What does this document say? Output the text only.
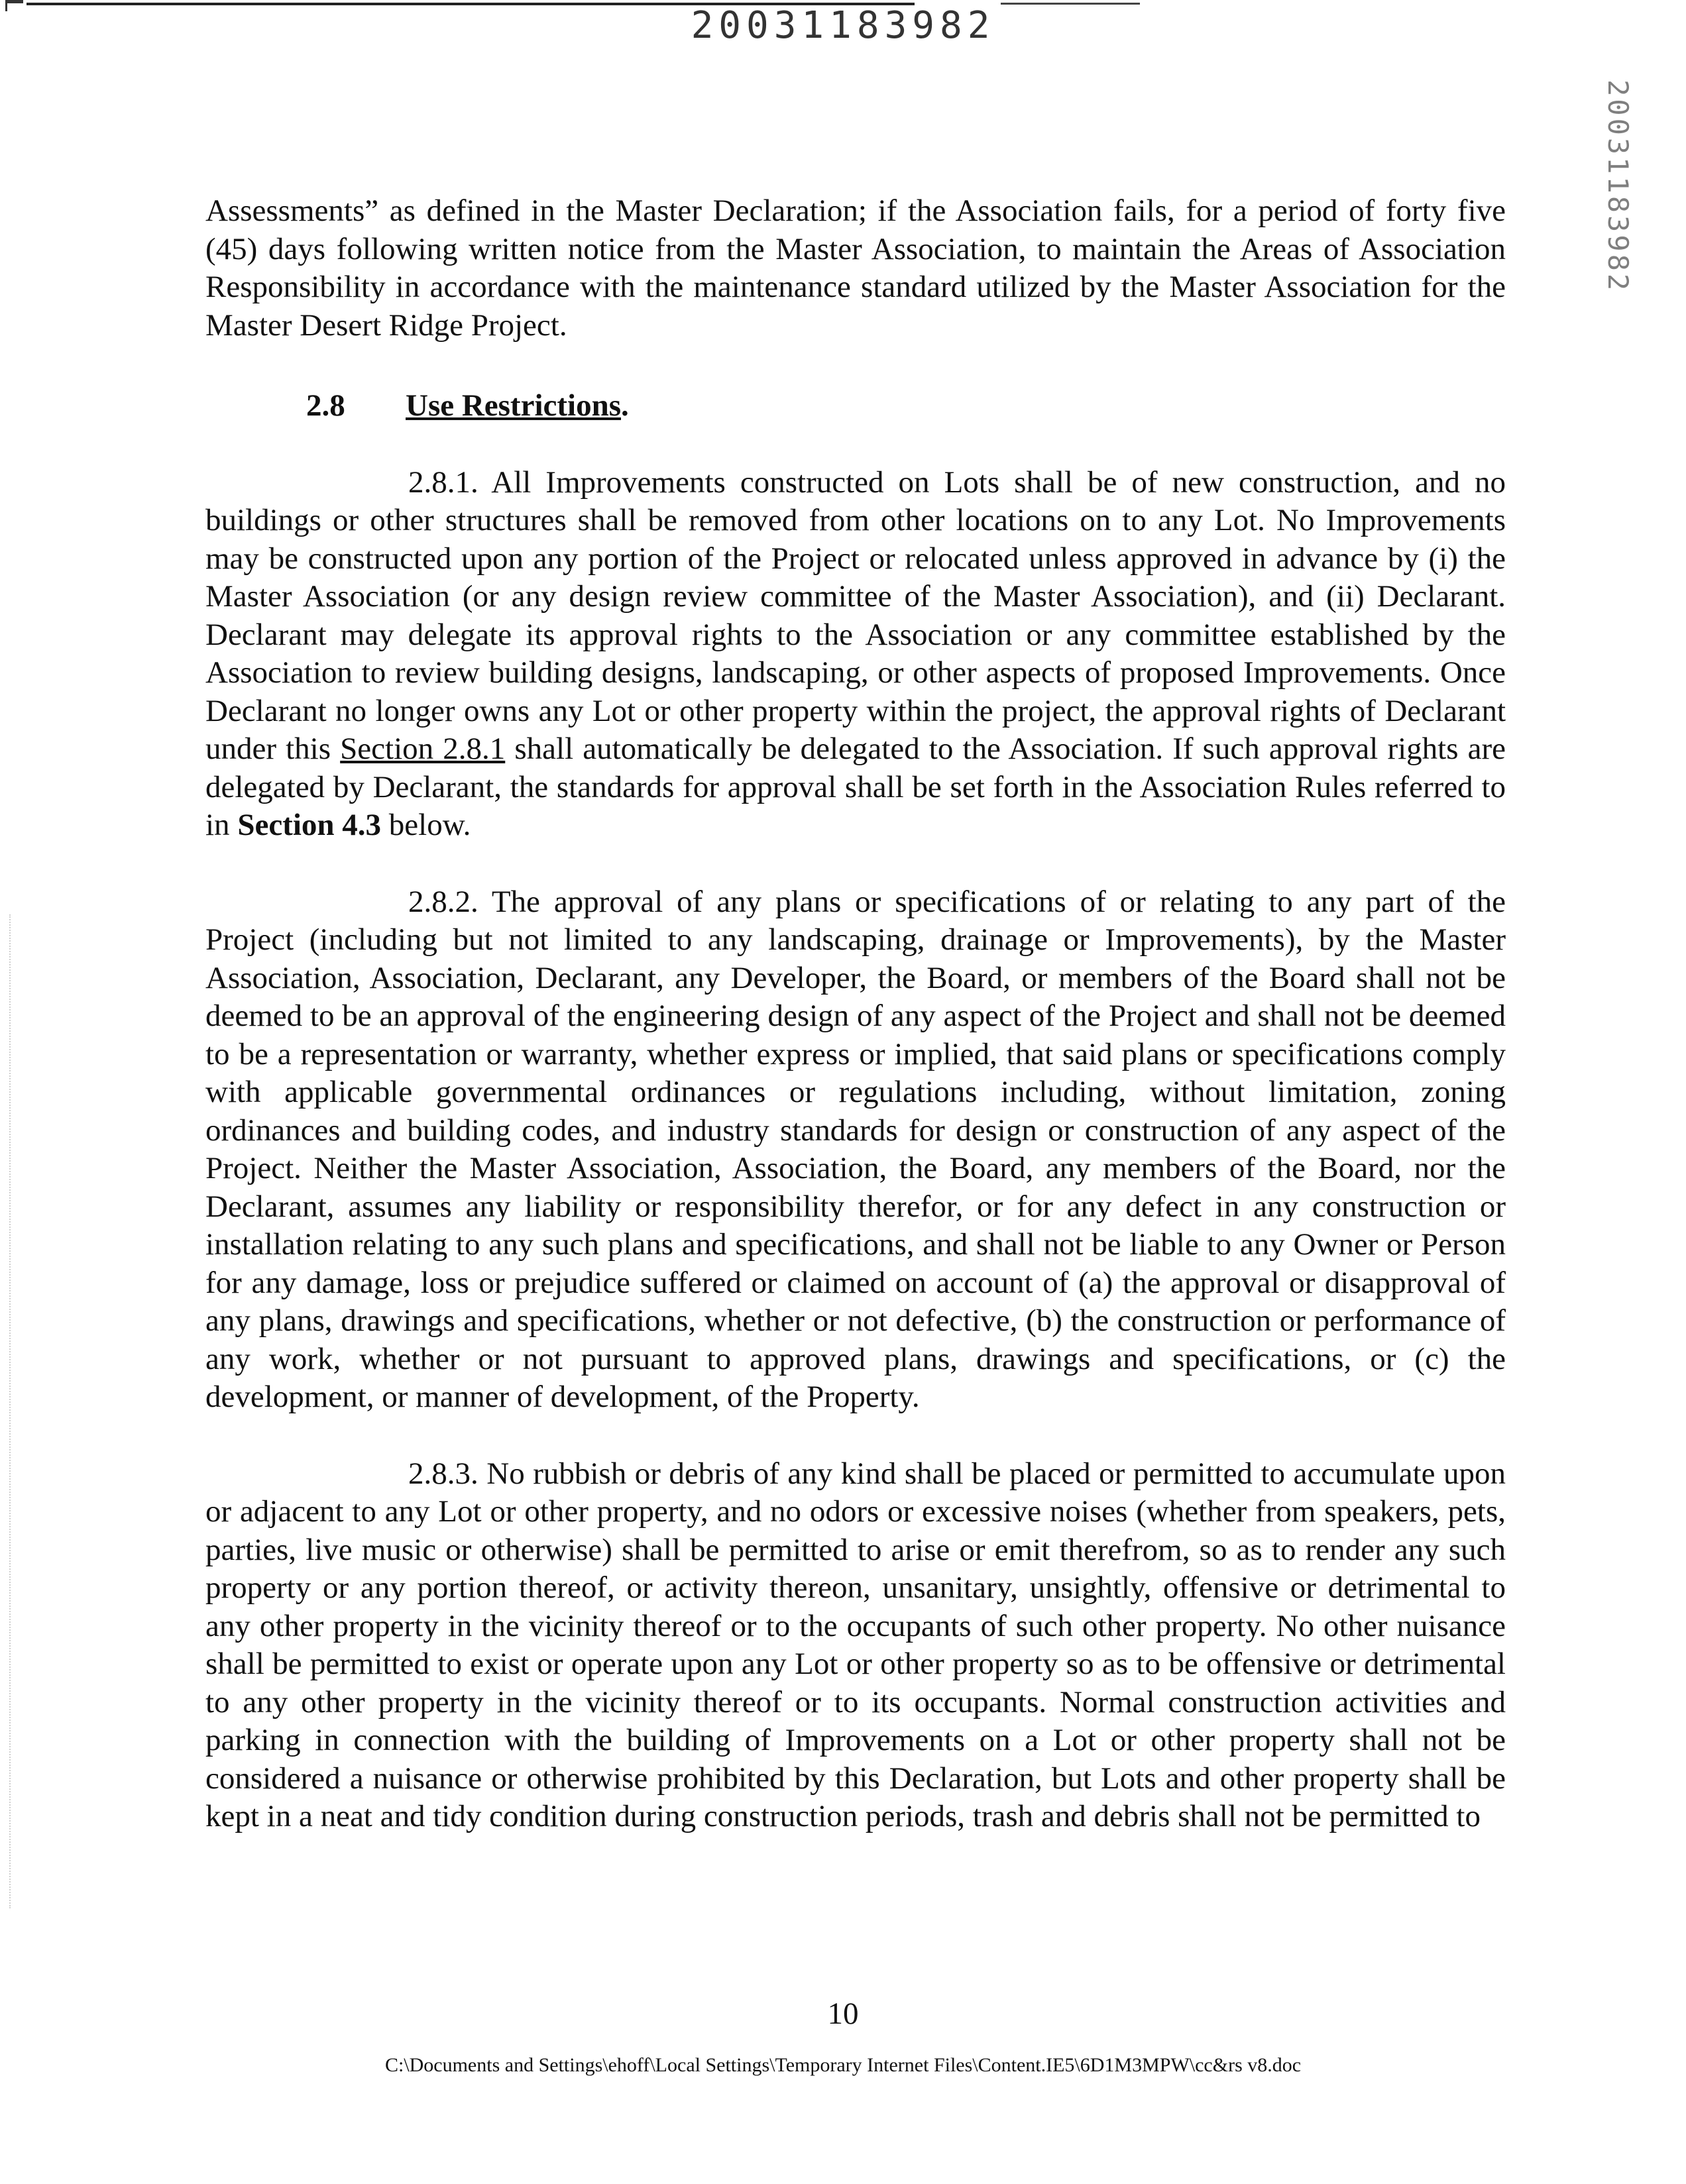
20031183982
20031183982

Assessments” as defined in the Master Declaration; if the Association fails, for a period of forty five (45) days following written notice from the Master Association, to maintain the Areas of Association Responsibility in accordance with the maintenance standard utilized by the Master Association for the Master Desert Ridge Project.

2.8 Use Restrictions.

2.8.1. All Improvements constructed on Lots shall be of new construction, and no buildings or other structures shall be removed from other locations on to any Lot. No Improvements may be constructed upon any portion of the Project or relocated unless approved in advance by (i) the Master Association (or any design review committee of the Master Association), and (ii) Declarant. Declarant may delegate its approval rights to the Association or any committee established by the Association to review building designs, landscaping, or other aspects of proposed Improvements. Once Declarant no longer owns any Lot or other property within the project, the approval rights of Declarant under this Section 2.8.1 shall automatically be delegated to the Association. If such approval rights are delegated by Declarant, the standards for approval shall be set forth in the Association Rules referred to in Section 4.3 below.

2.8.2. The approval of any plans or specifications of or relating to any part of the Project (including but not limited to any landscaping, drainage or Improvements), by the Master Association, Association, Declarant, any Developer, the Board, or members of the Board shall not be deemed to be an approval of the engineering design of any aspect of the Project and shall not be deemed to be a representation or warranty, whether express or implied, that said plans or specifications comply with applicable governmental ordinances or regulations including, without limitation, zoning ordinances and building codes, and industry standards for design or construction of any aspect of the Project. Neither the Master Association, Association, the Board, any members of the Board, nor the Declarant, assumes any liability or responsibility therefor, or for any defect in any construction or installation relating to any such plans and specifications, and shall not be liable to any Owner or Person for any damage, loss or prejudice suffered or claimed on account of (a) the approval or disapproval of any plans, drawings and specifications, whether or not defective, (b) the construction or performance of any work, whether or not pursuant to approved plans, drawings and specifications, or (c) the development, or manner of development, of the Property.

2.8.3. No rubbish or debris of any kind shall be placed or permitted to accumulate upon or adjacent to any Lot or other property, and no odors or excessive noises (whether from speakers, pets, parties, live music or otherwise) shall be permitted to arise or emit therefrom, so as to render any such property or any portion thereof, or activity thereon, unsanitary, unsightly, offensive or detrimental to any other property in the vicinity thereof or to the occupants of such other property. No other nuisance shall be permitted to exist or operate upon any Lot or other property so as to be offensive or detrimental to any other property in the vicinity thereof or to its occupants. Normal construction activities and parking in connection with the building of Improvements on a Lot or other property shall not be considered a nuisance or otherwise prohibited by this Declaration, but Lots and other property shall be kept in a neat and tidy condition during construction periods, trash and debris shall not be permitted to

10
C:\Documents and Settings\ehoff\Local Settings\Temporary Internet Files\Content.IE5\6D1M3MPW\cc&rs v8.doc
